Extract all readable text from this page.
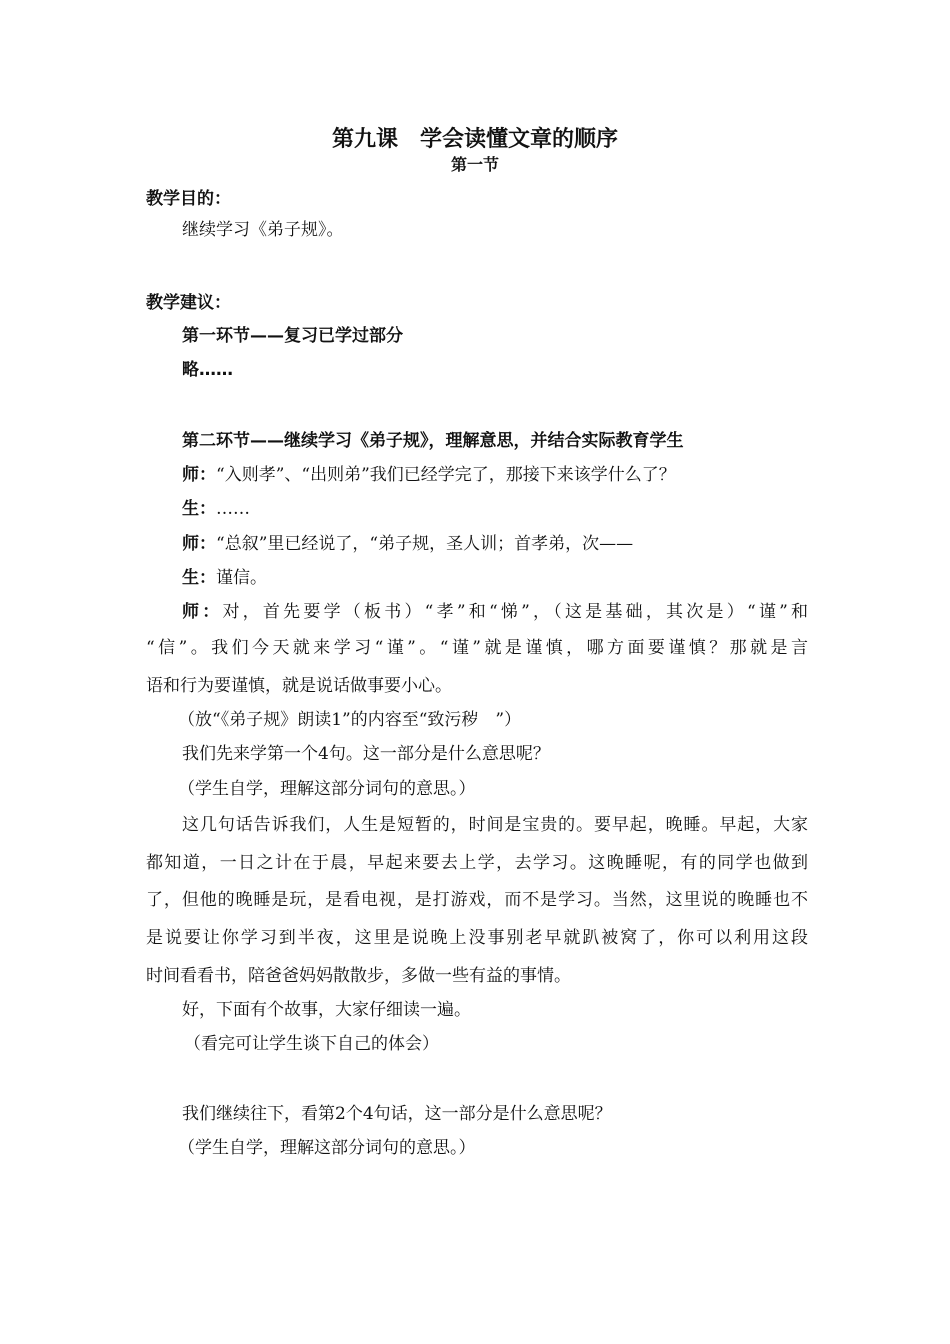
第九课　学会读懂文章的顺序
第一节
教学目的：
继续学习《弟子规》。
教学建议：
第一环节——复习已学过部分
略……
第二环节——继续学习《弟子规》，理解意思，并结合实际教育学生
师：“入则孝”、“出则弟”我们已经学完了，那接下来该学什么了？
生：……
师：“总叙”里已经说了，“弟子规，圣人训；首孝弟，次——
生：谨信。
师：对，首先要学（板书）“孝”和“悌”，（这是基础，其次是）“谨”和
“信”。我们今天就来学习“谨”。“谨”就是谨慎，哪方面要谨慎？那就是言
语和行为要谨慎，就是说话做事要小心。
（放“《弟子规》朗读1”的内容至“致污秽　”）
我们先来学第一个4句。这一部分是什么意思呢？
（学生自学，理解这部分词句的意思。）
这几句话告诉我们，人生是短暂的，时间是宝贵的。要早起，晚睡。早起，大家
都知道，一日之计在于晨，早起来要去上学，去学习。这晚睡呢，有的同学也做到
了，但他的晚睡是玩，是看电视，是打游戏，而不是学习。当然，这里说的晚睡也不
是说要让你学习到半夜，这里是说晚上没事别老早就趴被窝了，你可以利用这段
时间看看书，陪爸爸妈妈散散步，多做一些有益的事情。
好，下面有个故事，大家仔细读一遍。
（看完可让学生谈下自己的体会）
我们继续往下，看第2个4句话，这一部分是什么意思呢？
（学生自学，理解这部分词句的意思。）
